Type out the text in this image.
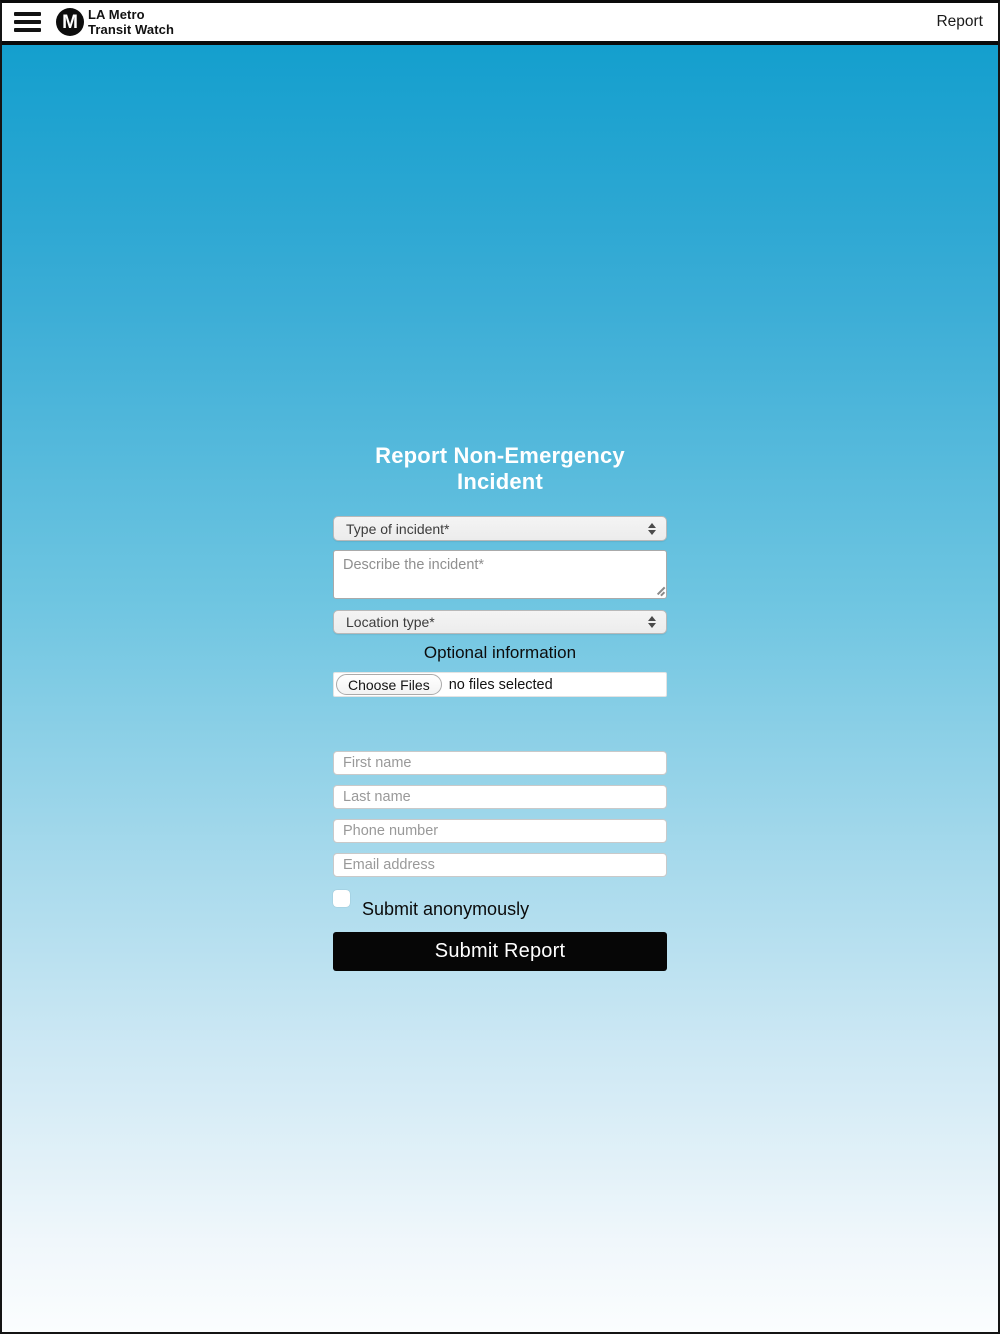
M LA Metro
Transit Watch	Report
Report Non-Emergency Incident
Type of incident*
Describe the incident*
Location type*
Optional information
Choose Files	no files selected
First name
Last name
Phone number
Email address
Submit anonymously
Submit Report
